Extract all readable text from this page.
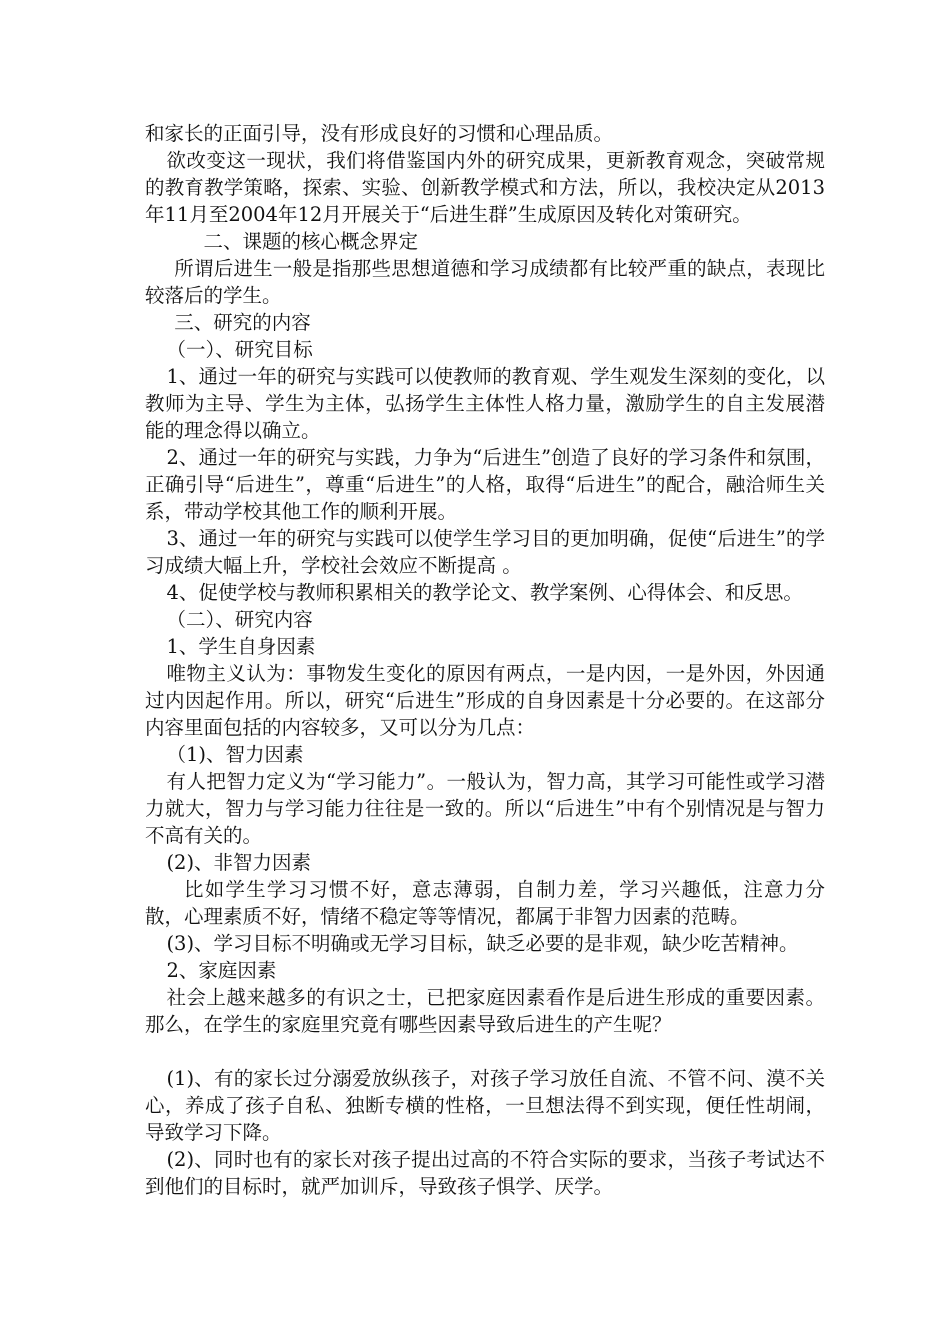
和家长的正面引导，没有形成良好的习惯和心理品质。

欲改变这一现状，我们将借鉴国内外的研究成果，更新教育观念，突破常规的教育教学策略，探索、实验、创新教学模式和方法，所以，我校决定从2013年11月至2004年12月开展关于“后进生群”生成原因及转化对策研究。

二、课题的核心概念界定

所谓后进生一般是指那些思想道德和学习成绩都有比较严重的缺点，表现比较落后的学生。

三、研究的内容

（一）、研究目标

1、通过一年的研究与实践可以使教师的教育观、学生观发生深刻的变化，以教师为主导、学生为主体，弘扬学生主体性人格力量，激励学生的自主发展潜能的理念得以确立。

2、通过一年的研究与实践，力争为“后进生”创造了良好的学习条件和氛围，正确引导“后进生”，尊重“后进生”的人格，取得“后进生”的配合，融洽师生关系，带动学校其他工作的顺利开展。

3、通过一年的研究与实践可以使学生学习目的更加明确，促使“后进生”的学习成绩大幅上升，学校社会效应不断提高 。

4、促使学校与教师积累相关的教学论文、教学案例、心得体会、和反思。

（二）、研究内容

1、学生自身因素

唯物主义认为：事物发生变化的原因有两点，一是内因，一是外因，外因通过内因起作用。所以，研究“后进生”形成的自身因素是十分必要的。在这部分内容里面包括的内容较多，又可以分为几点：

（1)、智力因素

有人把智力定义为“学习能力”。一般认为，智力高，其学习可能性或学习潜力就大，智力与学习能力往往是一致的。所以“后进生”中有个别情况是与智力不高有关的。

(2)、非智力因素

比如学生学习习惯不好，意志薄弱，自制力差，学习兴趣低，注意力分散，心理素质不好，情绪不稳定等等情况，都属于非智力因素的范畴。

(3)、学习目标不明确或无学习目标，缺乏必要的是非观，缺少吃苦精神。

2、家庭因素

社会上越来越多的有识之士，已把家庭因素看作是后进生形成的重要因素。那么，在学生的家庭里究竟有哪些因素导致后进生的产生呢？

(1)、有的家长过分溺爱放纵孩子，对孩子学习放任自流、不管不问、漠不关心，养成了孩子自私、独断专横的性格，一旦想法得不到实现，便任性胡闹，导致学习下降。

(2)、同时也有的家长对孩子提出过高的不符合实际的要求，当孩子考试达不到他们的目标时，就严加训斥，导致孩子惧学、厌学。
